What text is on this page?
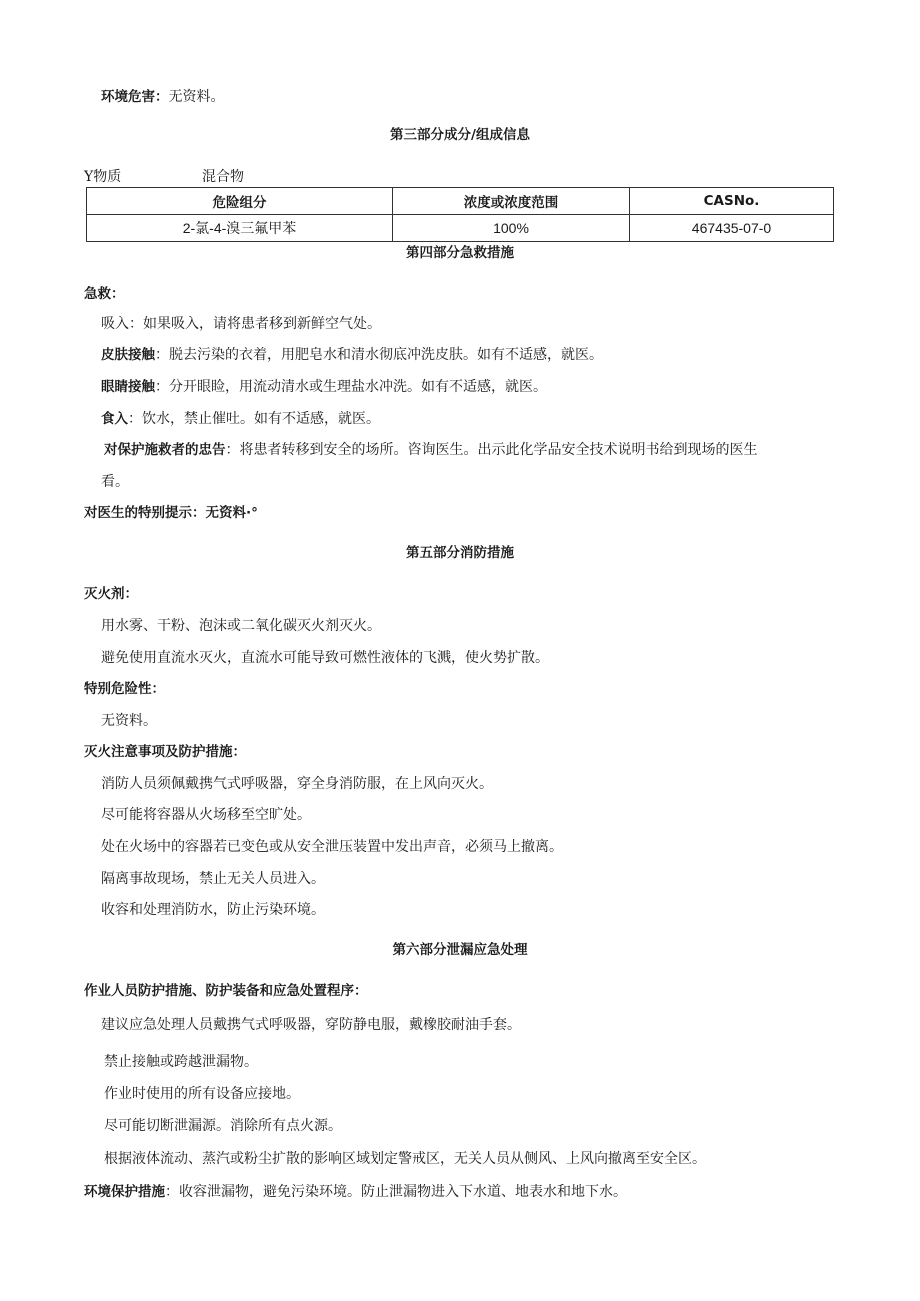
环境危害：无资料。
第三部分成分/组成信息
Y物质	混合物
危险组分	浓度或浓度范围	CASNo.
2-氯-4-溴三氟甲苯	100%	467435-07-0
第四部分急救措施
急救：
吸入：如果吸入，请将患者移到新鲜空气处。
皮肤接触：脱去污染的衣着，用肥皂水和清水彻底冲洗皮肤。如有不适感，就医。
眼睛接触：分开眼睑，用流动清水或生理盐水冲洗。如有不适感，就医。
食入：饮水，禁止催吐。如有不适感，就医。
对保护施救者的忠告：将患者转移到安全的场所。咨询医生。出示此化学品安全技术说明书给到现场的医生
看。
对医生的特别提示：无资料·°
第五部分消防措施
灭火剂：
用水雾、干粉、泡沫或二氧化碳灭火剂灭火。
避免使用直流水灭火，直流水可能导致可燃性液体的飞溅，使火势扩散。
特别危险性：
无资料。
灭火注意事项及防护措施：
消防人员须佩戴携气式呼吸器，穿全身消防服，在上风向灭火。
尽可能将容器从火场移至空旷处。
处在火场中的容器若已变色或从安全泄压装置中发出声音，必须马上撤离。
隔离事故现场，禁止无关人员进入。
收容和处理消防水，防止污染环境。
第六部分泄漏应急处理
作业人员防护措施、防护装备和应急处置程序：
建议应急处理人员戴携气式呼吸器，穿防静电服，戴橡胶耐油手套。
禁止接触或跨越泄漏物。
作业时使用的所有设备应接地。
尽可能切断泄漏源。消除所有点火源。
根据液体流动、蒸汽或粉尘扩散的影响区域划定警戒区，无关人员从侧风、上风向撤离至安全区。
环境保护措施：收容泄漏物，避免污染环境。防止泄漏物进入下水道、地表水和地下水。
